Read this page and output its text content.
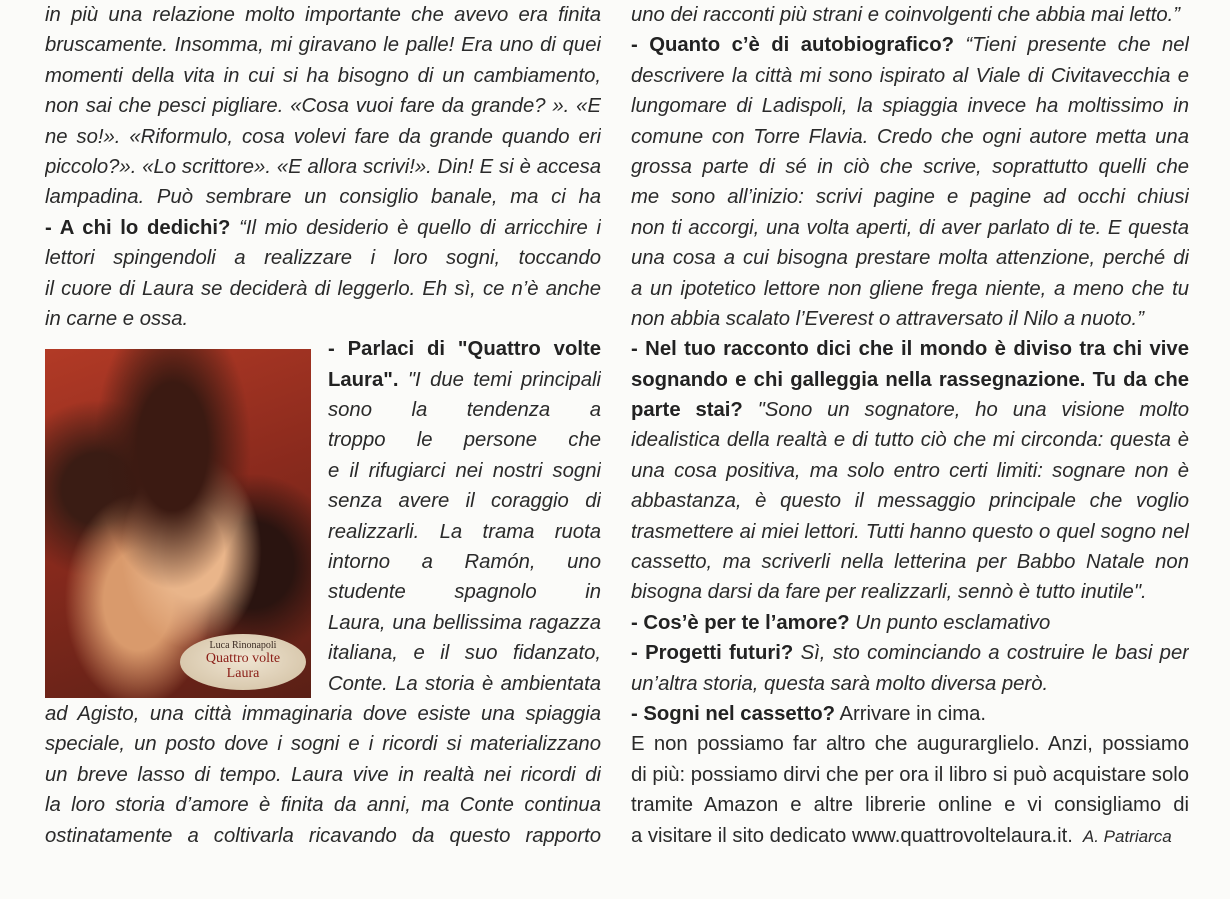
in più una relazione molto importante che avevo era finita
bruscamente. Insomma, mi giravano le palle! Era uno di quei
momenti della vita in cui si ha bisogno di un cambiamento,
non sai che pesci pigliare. «Cosa vuoi fare da grande? ». «E
ne so!». «Riformulo, cosa volevi fare da grande quando eri
piccolo?». «Lo scrittore». «E allora scrivi!». Din! E si è accesa
lampadina. Può sembrare un consiglio banale, ma ci ha
- A chi lo dedichi? “Il mio desiderio è quello di arricchire i
lettori spingendoli a realizzare i loro sogni, toccando
il cuore di Laura se deciderà di leggerlo. Eh sì, ce n’è anche
in carne e ossa.
- Parlaci di "Quattro volte
Laura". "I due temi principali
sono la tendenza a
troppo le persone che
e il rifugiarci nei nostri sogni
senza avere il coraggio di
realizzarli. La trama ruota
intorno a Ramón, uno
studente spagnolo in
Laura, una bellissima ragazza
italiana, e il suo fidanzato,
Conte. La storia è ambientata
ad Agisto, una città immaginaria dove esiste una spiaggia
speciale, un posto dove i sogni e i ricordi si materializzano
un breve lasso di tempo. Laura vive in realtà nei ricordi di
la loro storia d’amore è finita da anni, ma Conte continua
ostinatamente a coltivarla ricavando da questo rapporto
Luca Rinonapoli
Quattro volte
Laura
uno dei racconti più strani e coinvolgenti che abbia mai letto.”
- Quanto c’è di autobiografico? “Tieni presente che nel
descrivere la città mi sono ispirato al Viale di Civitavecchia e
lungomare di Ladispoli, la spiaggia invece ha moltissimo in
comune con Torre Flavia. Credo che ogni autore metta una
grossa parte di sé in ciò che scrive, soprattutto quelli che
me sono all’inizio: scrivi pagine e pagine ad occhi chiusi
non ti accorgi, una volta aperti, di aver parlato di te. E questa
una cosa a cui bisogna prestare molta attenzione, perché di
a un ipotetico lettore non gliene frega niente, a meno che tu
non abbia scalato l’Everest o attraversato il Nilo a nuoto.”
- Nel tuo racconto dici che il mondo è diviso tra chi vive
sognando e chi galleggia nella rassegnazione. Tu da che
parte stai? "Sono un sognatore, ho una visione molto
idealistica della realtà e di tutto ciò che mi circonda: questa è
una cosa positiva, ma solo entro certi limiti: sognare non è
abbastanza, è questo il messaggio principale che voglio
trasmettere ai miei lettori. Tutti hanno questo o quel sogno nel
cassetto, ma scriverli nella letterina per Babbo Natale non
bisogna darsi da fare per realizzarli, sennò è tutto inutile".
- Cos’è per te l’amore? Un punto esclamativo
- Progetti futuri? Sì, sto cominciando a costruire le basi per
un’altra storia, questa sarà molto diversa però.
- Sogni nel cassetto? Arrivare in cima.
E non possiamo far altro che augurarglielo. Anzi, possiamo
di più: possiamo dirvi che per ora il libro si può acquistare solo
tramite Amazon e altre librerie online e vi consigliamo di
a visitare il sito dedicato www.quattrovoltelaura.it. A. Patriarca
